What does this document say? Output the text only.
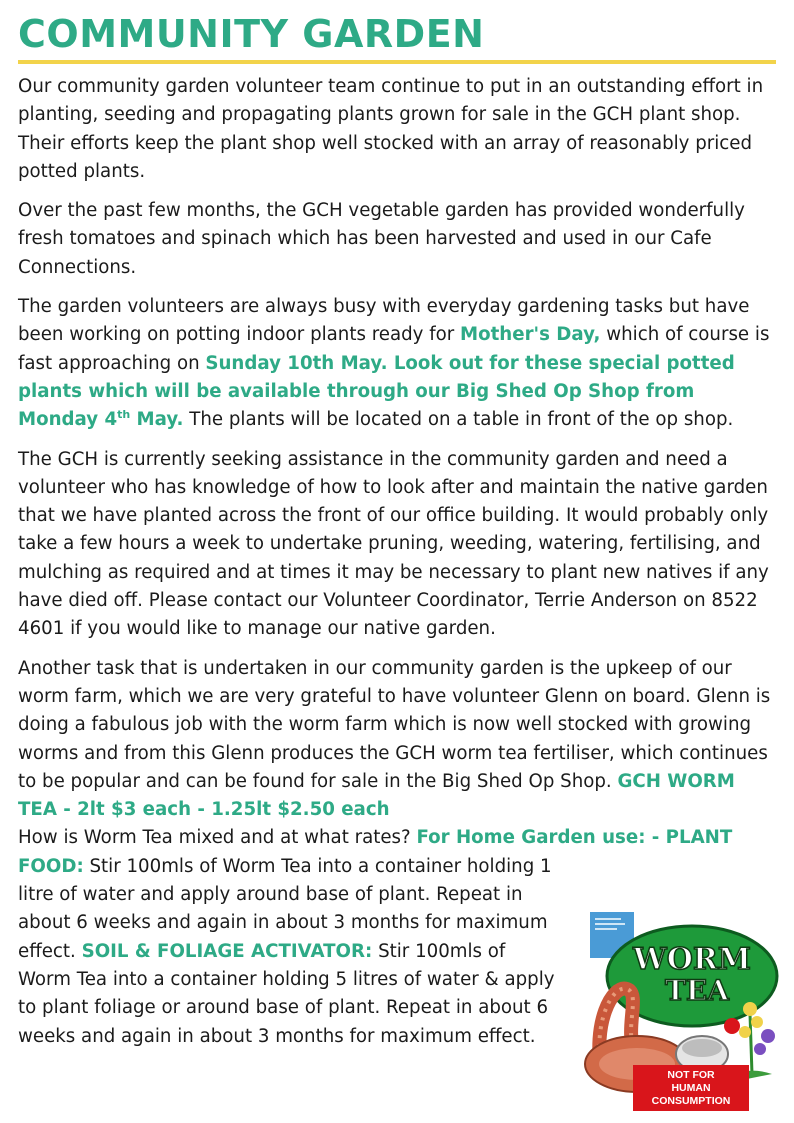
COMMUNITY GARDEN

Our community garden volunteer team continue to put in an outstanding effort in planting, seeding and propagating plants grown for sale in the GCH plant shop. Their efforts keep the plant shop well stocked with an array of reasonably priced potted plants.

Over the past few months, the GCH vegetable garden has provided wonderfully fresh tomatoes and spinach which has been harvested and used in our Cafe Connections.

The garden volunteers are always busy with everyday gardening tasks but have been working on potting indoor plants ready for Mother's Day, which of course is fast approaching on Sunday 10th May. Look out for these special potted plants which will be available through our Big Shed Op Shop from Monday 4th May. The plants will be located on a table in front of the op shop.

The GCH is currently seeking assistance in the community garden and need a volunteer who has knowledge of how to look after and maintain the native garden that we have planted across the front of our office building. It would probably only take a few hours a week to undertake pruning, weeding, watering, fertilising, and mulching as required and at times it may be necessary to plant new natives if any have died off. Please contact our Volunteer Coordinator, Terrie Anderson on 8522 4601 if you would like to manage our native garden.

Another task that is undertaken in our community garden is the upkeep of our worm farm, which we are very grateful to have volunteer Glenn on board. Glenn is doing a fabulous job with the worm farm which is now well stocked with growing worms and from this Glenn produces the GCH worm tea fertiliser, which continues to be popular and can be found for sale in the Big Shed Op Shop. GCH WORM TEA - 2lt $3 each - 1.25lt $2.50 each
How is Worm Tea mixed and at what rates? For Home Garden use: - PLANT FOOD:
Stir 100mls of Worm Tea into a container holding 1 litre of water and apply around base of plant. Repeat in about 6 weeks and again in about 3 months for maximum effect. SOIL & FOLIAGE ACTIVATOR: Stir 100mls of Worm Tea into a container holding 5 litres of water & apply to plant foliage or around base of plant. Repeat in about 6 weeks and again in about 3 months for maximum effect.

WORM
TEA
NOT FOR
HUMAN
CONSUMPTION
